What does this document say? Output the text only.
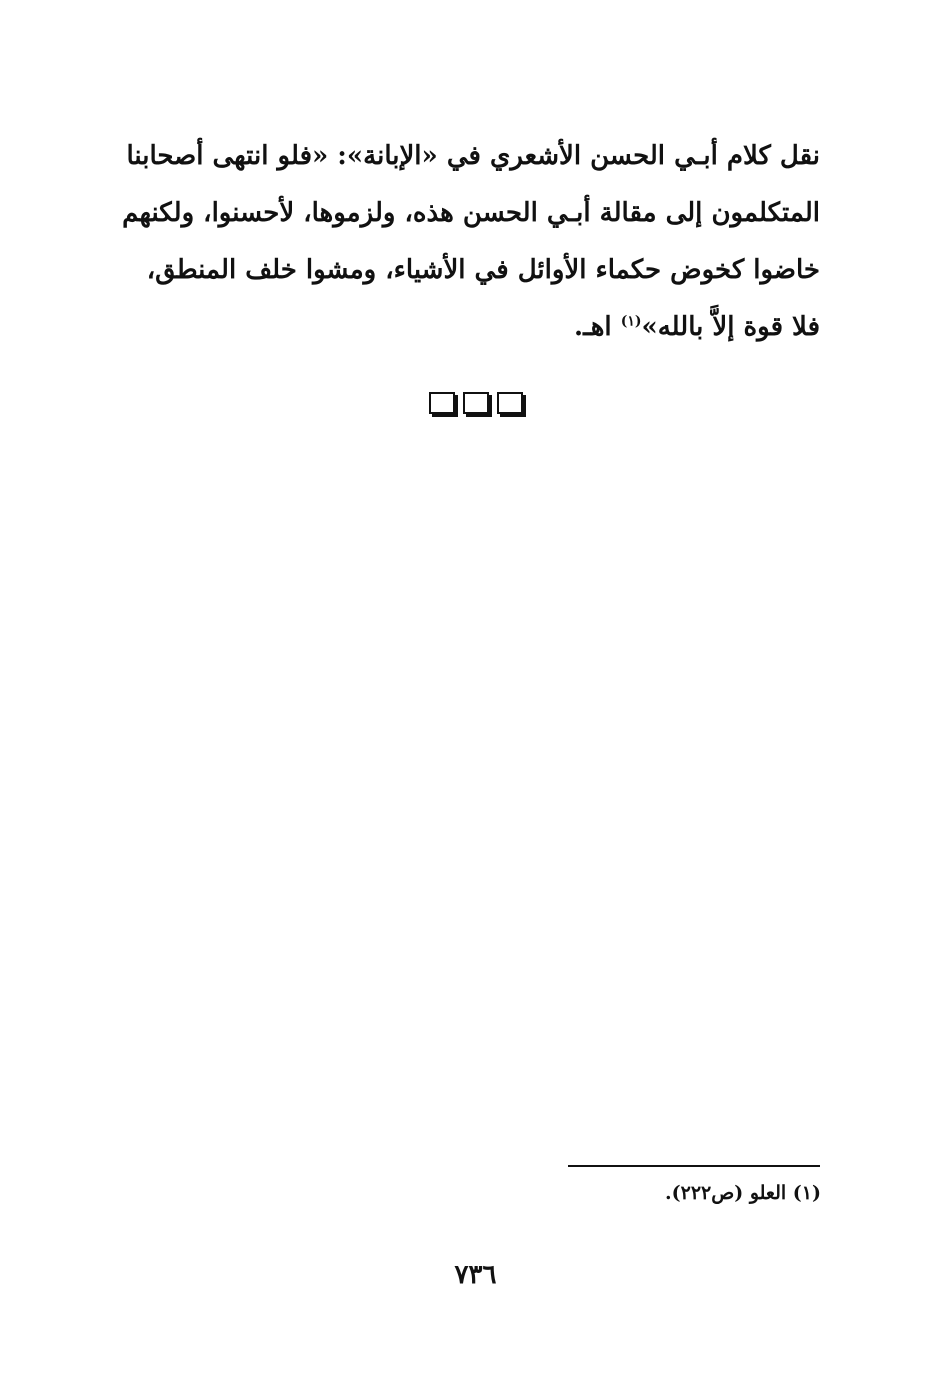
نقل كلام أبـي الحسن الأشعري في «الإبانة»: «فلو انتهى أصحابنا
المتكلمون إلى مقالة أبـي الحسن هذه، ولزموها، لأحسنوا، ولكنهم
خاضوا كخوض حكماء الأوائل في الأشياء، ومشوا خلف المنطق،
فلا قوة إلاَّ بالله»$^{(١)}$ اهـ.
(١) العلو (ص٢٢٢).
٧٣٦
